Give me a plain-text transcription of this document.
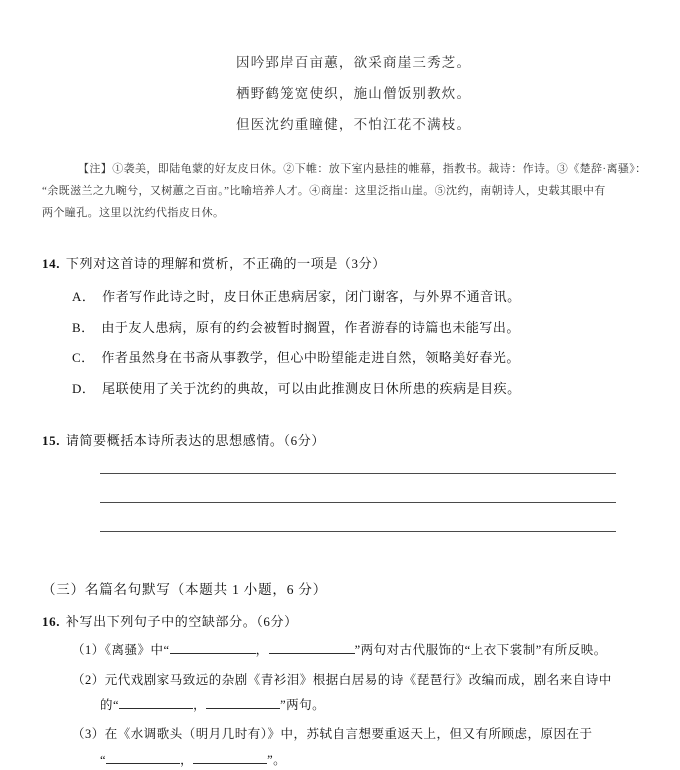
因吟郢岸百亩蕙，欲采商崖三秀芝。

栖野鹤笼宽使织，施山僧饭别教炊。

但医沈约重瞳健，不怕江花不满枝。

【注】①袭美，即陆龟蒙的好友皮日休。②下帷：放下室内悬挂的帷幕，指教书。裁诗：作诗。③《楚辞·离骚》：

“余既滋兰之九畹兮，又树蕙之百亩。”比喻培养人才。④商崖：这里泛指山崖。⑤沈约，南朝诗人，史载其眼中有

两个瞳孔。这里以沈约代指皮日休。

14. 下列对这首诗的理解和赏析，不正确的一项是（3分）

A． 作者写作此诗之时，皮日休正患病居家，闭门谢客，与外界不通音讯。
B． 由于友人患病，原有的约会被暂时搁置，作者游春的诗篇也未能写出。
C． 作者虽然身在书斋从事教学，但心中盼望能走进自然，领略美好春光。
D． 尾联使用了关于沈约的典故，可以由此推测皮日休所患的疾病是目疾。

15. 请简要概括本诗所表达的思想感情。（6分）

（三）名篇名句默写（本题共 1 小题，6 分）

16. 补写出下列句子中的空缺部分。（6分）

（1）《离骚》中“	，	”两句对古代服饰的“上衣下裳制”有所反映。
（2）元代戏剧家马致远的杂剧《青衫泪》根据白居易的诗《琵琶行》改编而成，剧名来自诗中
的“	，	”两句。
（3）在《水调歌头（明月几时有）》中，苏轼自言想要重返天上，但又有所顾虑，原因在于
“	，	”。
